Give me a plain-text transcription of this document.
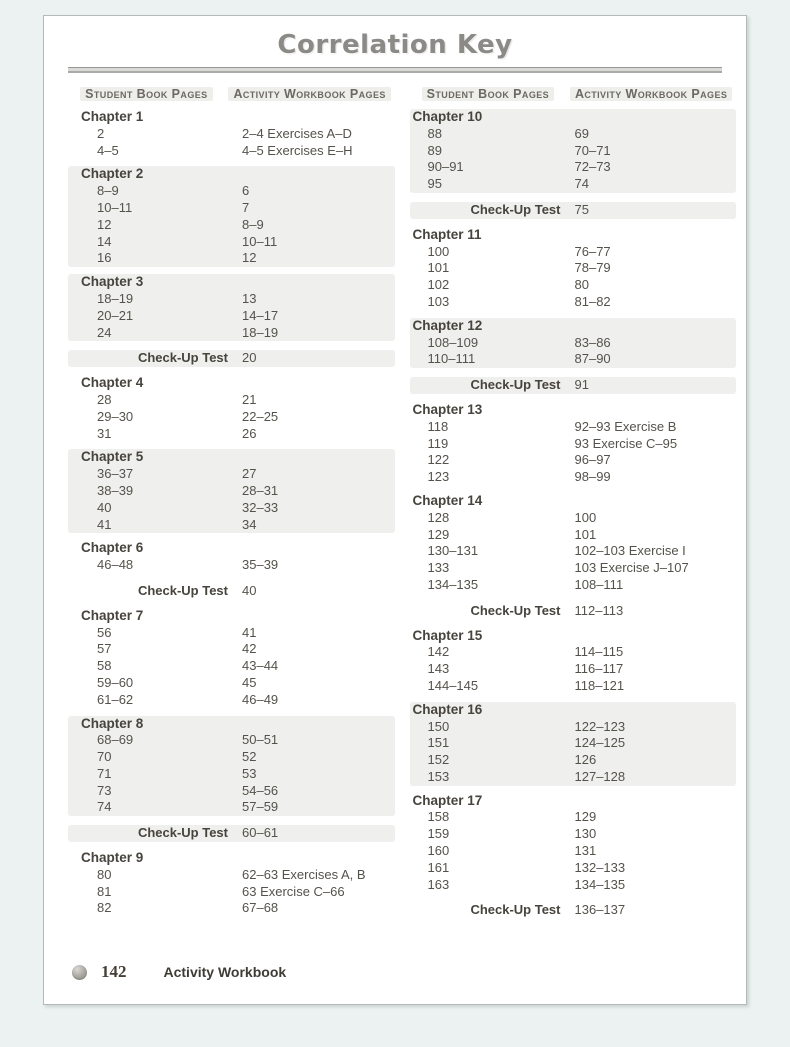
Correlation Key
Student Book Pages	Activity Workbook Pages
Chapter 1
2	2–4 Exercises A–D
4–5	4–5 Exercises E–H
Chapter 2
8–9	6
10–11	7
12	8–9
14	10–11
16	12
Chapter 3
18–19	13
20–21	14–17
24	18–19
Check-Up Test	20
Chapter 4
28	21
29–30	22–25
31	26
Chapter 5
36–37	27
38–39	28–31
40	32–33
41	34
Chapter 6
46–48	35–39
Check-Up Test	40
Chapter 7
56	41
57	42
58	43–44
59–60	45
61–62	46–49
Chapter 8
68–69	50–51
70	52
71	53
73	54–56
74	57–59
Check-Up Test	60–61
Chapter 9
80	62–63 Exercises A, B
81	63 Exercise C–66
82	67–68
Student Book Pages	Activity Workbook Pages
Chapter 10
88	69
89	70–71
90–91	72–73
95	74
Check-Up Test	75
Chapter 11
100	76–77
101	78–79
102	80
103	81–82
Chapter 12
108–109	83–86
110–111	87–90
Check-Up Test	91
Chapter 13
118	92–93 Exercise B
119	93 Exercise C–95
122	96–97
123	98–99
Chapter 14
128	100
129	101
130–131	102–103 Exercise I
133	103 Exercise J–107
134–135	108–111
Check-Up Test	112–113
Chapter 15
142	114–115
143	116–117
144–145	118–121
Chapter 16
150	122–123
151	124–125
152	126
153	127–128
Chapter 17
158	129
159	130
160	131
161	132–133
163	134–135
Check-Up Test	136–137
142	Activity Workbook
